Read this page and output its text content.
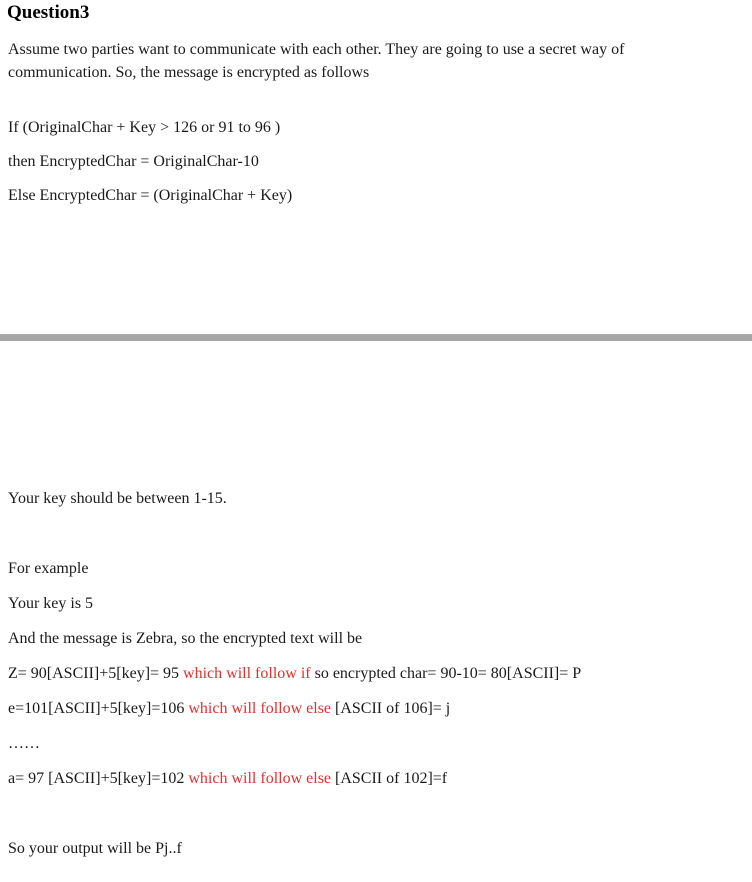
Question3
Assume two parties want to communicate with each other. They are going to use a secret way of communication. So, the message is encrypted as follows
If (OriginalChar + Key > 126 or 91 to 96 )
then EncryptedChar = OriginalChar-10
Else EncryptedChar = (OriginalChar + Key)
Your key should be between 1-15.
For example
Your key is 5
And the message is Zebra, so the encrypted text will be
Z= 90[ASCII]+5[key]= 95 which will follow if so encrypted char= 90-10= 80[ASCII]= P
e=101[ASCII]+5[key]=106 which will follow else [ASCII of 106]= j
……
a= 97 [ASCII]+5[key]=102 which will follow else [ASCII of 102]=f
So your output will be Pj..f
